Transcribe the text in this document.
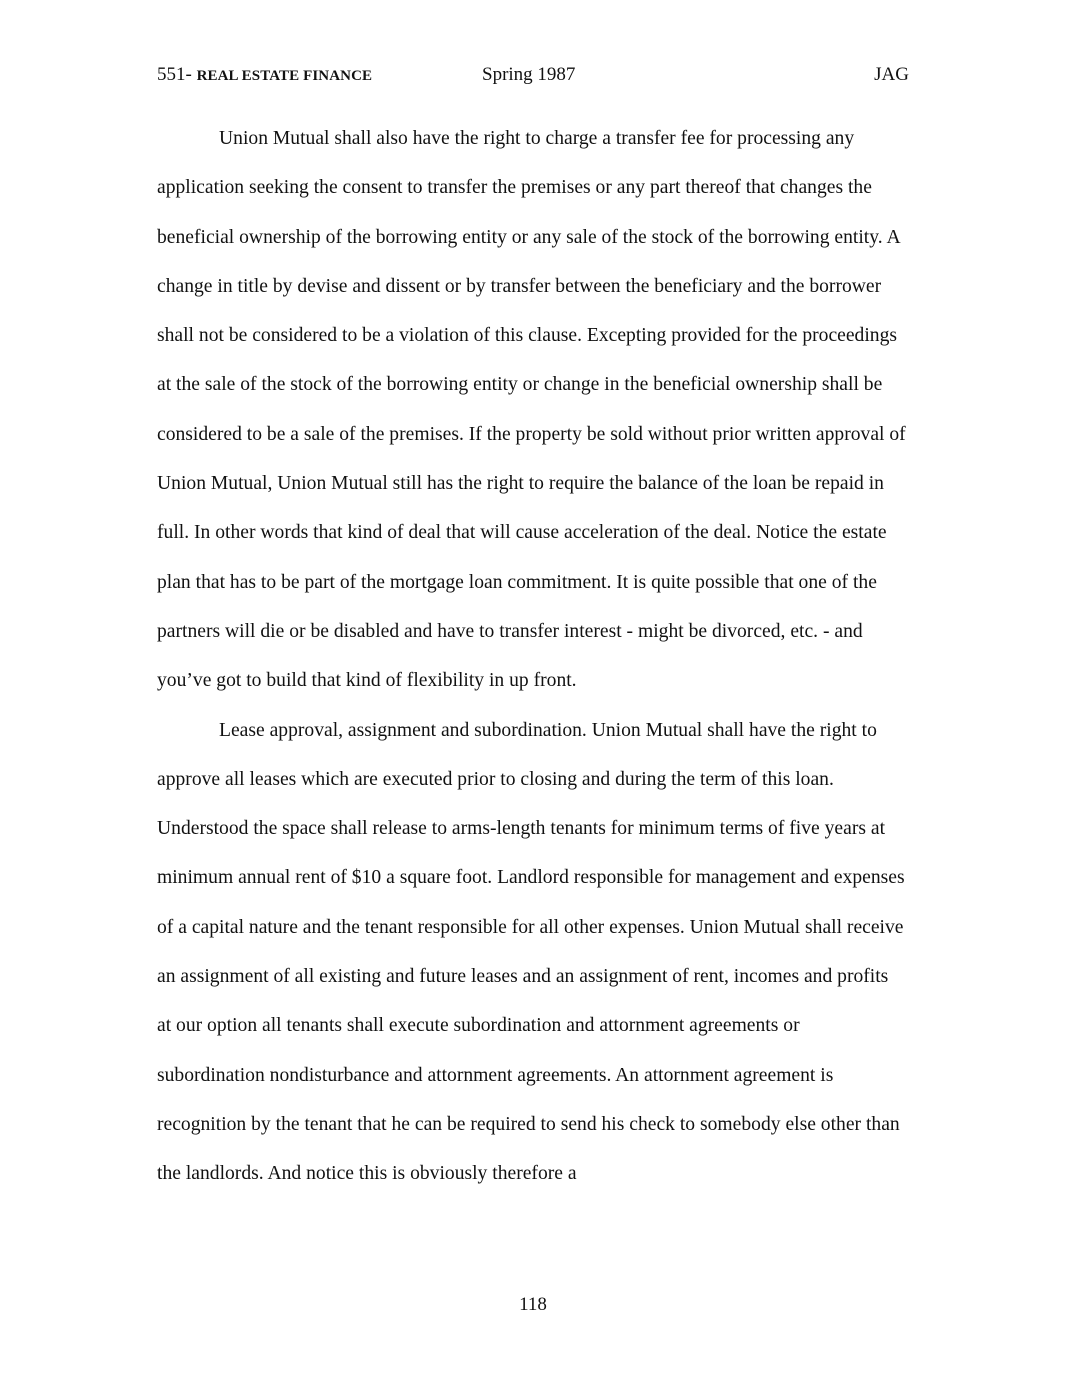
551- REAL ESTATE FINANCE	Spring 1987	JAG

Union Mutual shall also have the right to charge a transfer fee for processing any application seeking the consent to transfer the premises or any part thereof that changes the beneficial ownership of the borrowing entity or any sale of the stock of the borrowing entity. A change in title by devise and dissent or by transfer between the beneficiary and the borrower shall not be considered to be a violation of this clause. Excepting provided for the proceedings at the sale of the stock of the borrowing entity or change in the beneficial ownership shall be considered to be a sale of the premises. If the property be sold without prior written approval of Union Mutual, Union Mutual still has the right to require the balance of the loan be repaid in full. In other words that kind of deal that will cause acceleration of the deal. Notice the estate plan that has to be part of the mortgage loan commitment. It is quite possible that one of the partners will die or be disabled and have to transfer interest - might be divorced, etc. - and you’ve got to build that kind of flexibility in up front.

Lease approval, assignment and subordination. Union Mutual shall have the right to approve all leases which are executed prior to closing and during the term of this loan. Understood the space shall release to arms-length tenants for minimum terms of five years at minimum annual rent of $10 a square foot. Landlord responsible for management and expenses of a capital nature and the tenant responsible for all other expenses. Union Mutual shall receive an assignment of all existing and future leases and an assignment of rent, incomes and profits at our option all tenants shall execute subordination and attornment agreements or subordination nondisturbance and attornment agreements. An attornment agreement is recognition by the tenant that he can be required to send his check to somebody else other than the landlords. And notice this is obviously therefore a

118
